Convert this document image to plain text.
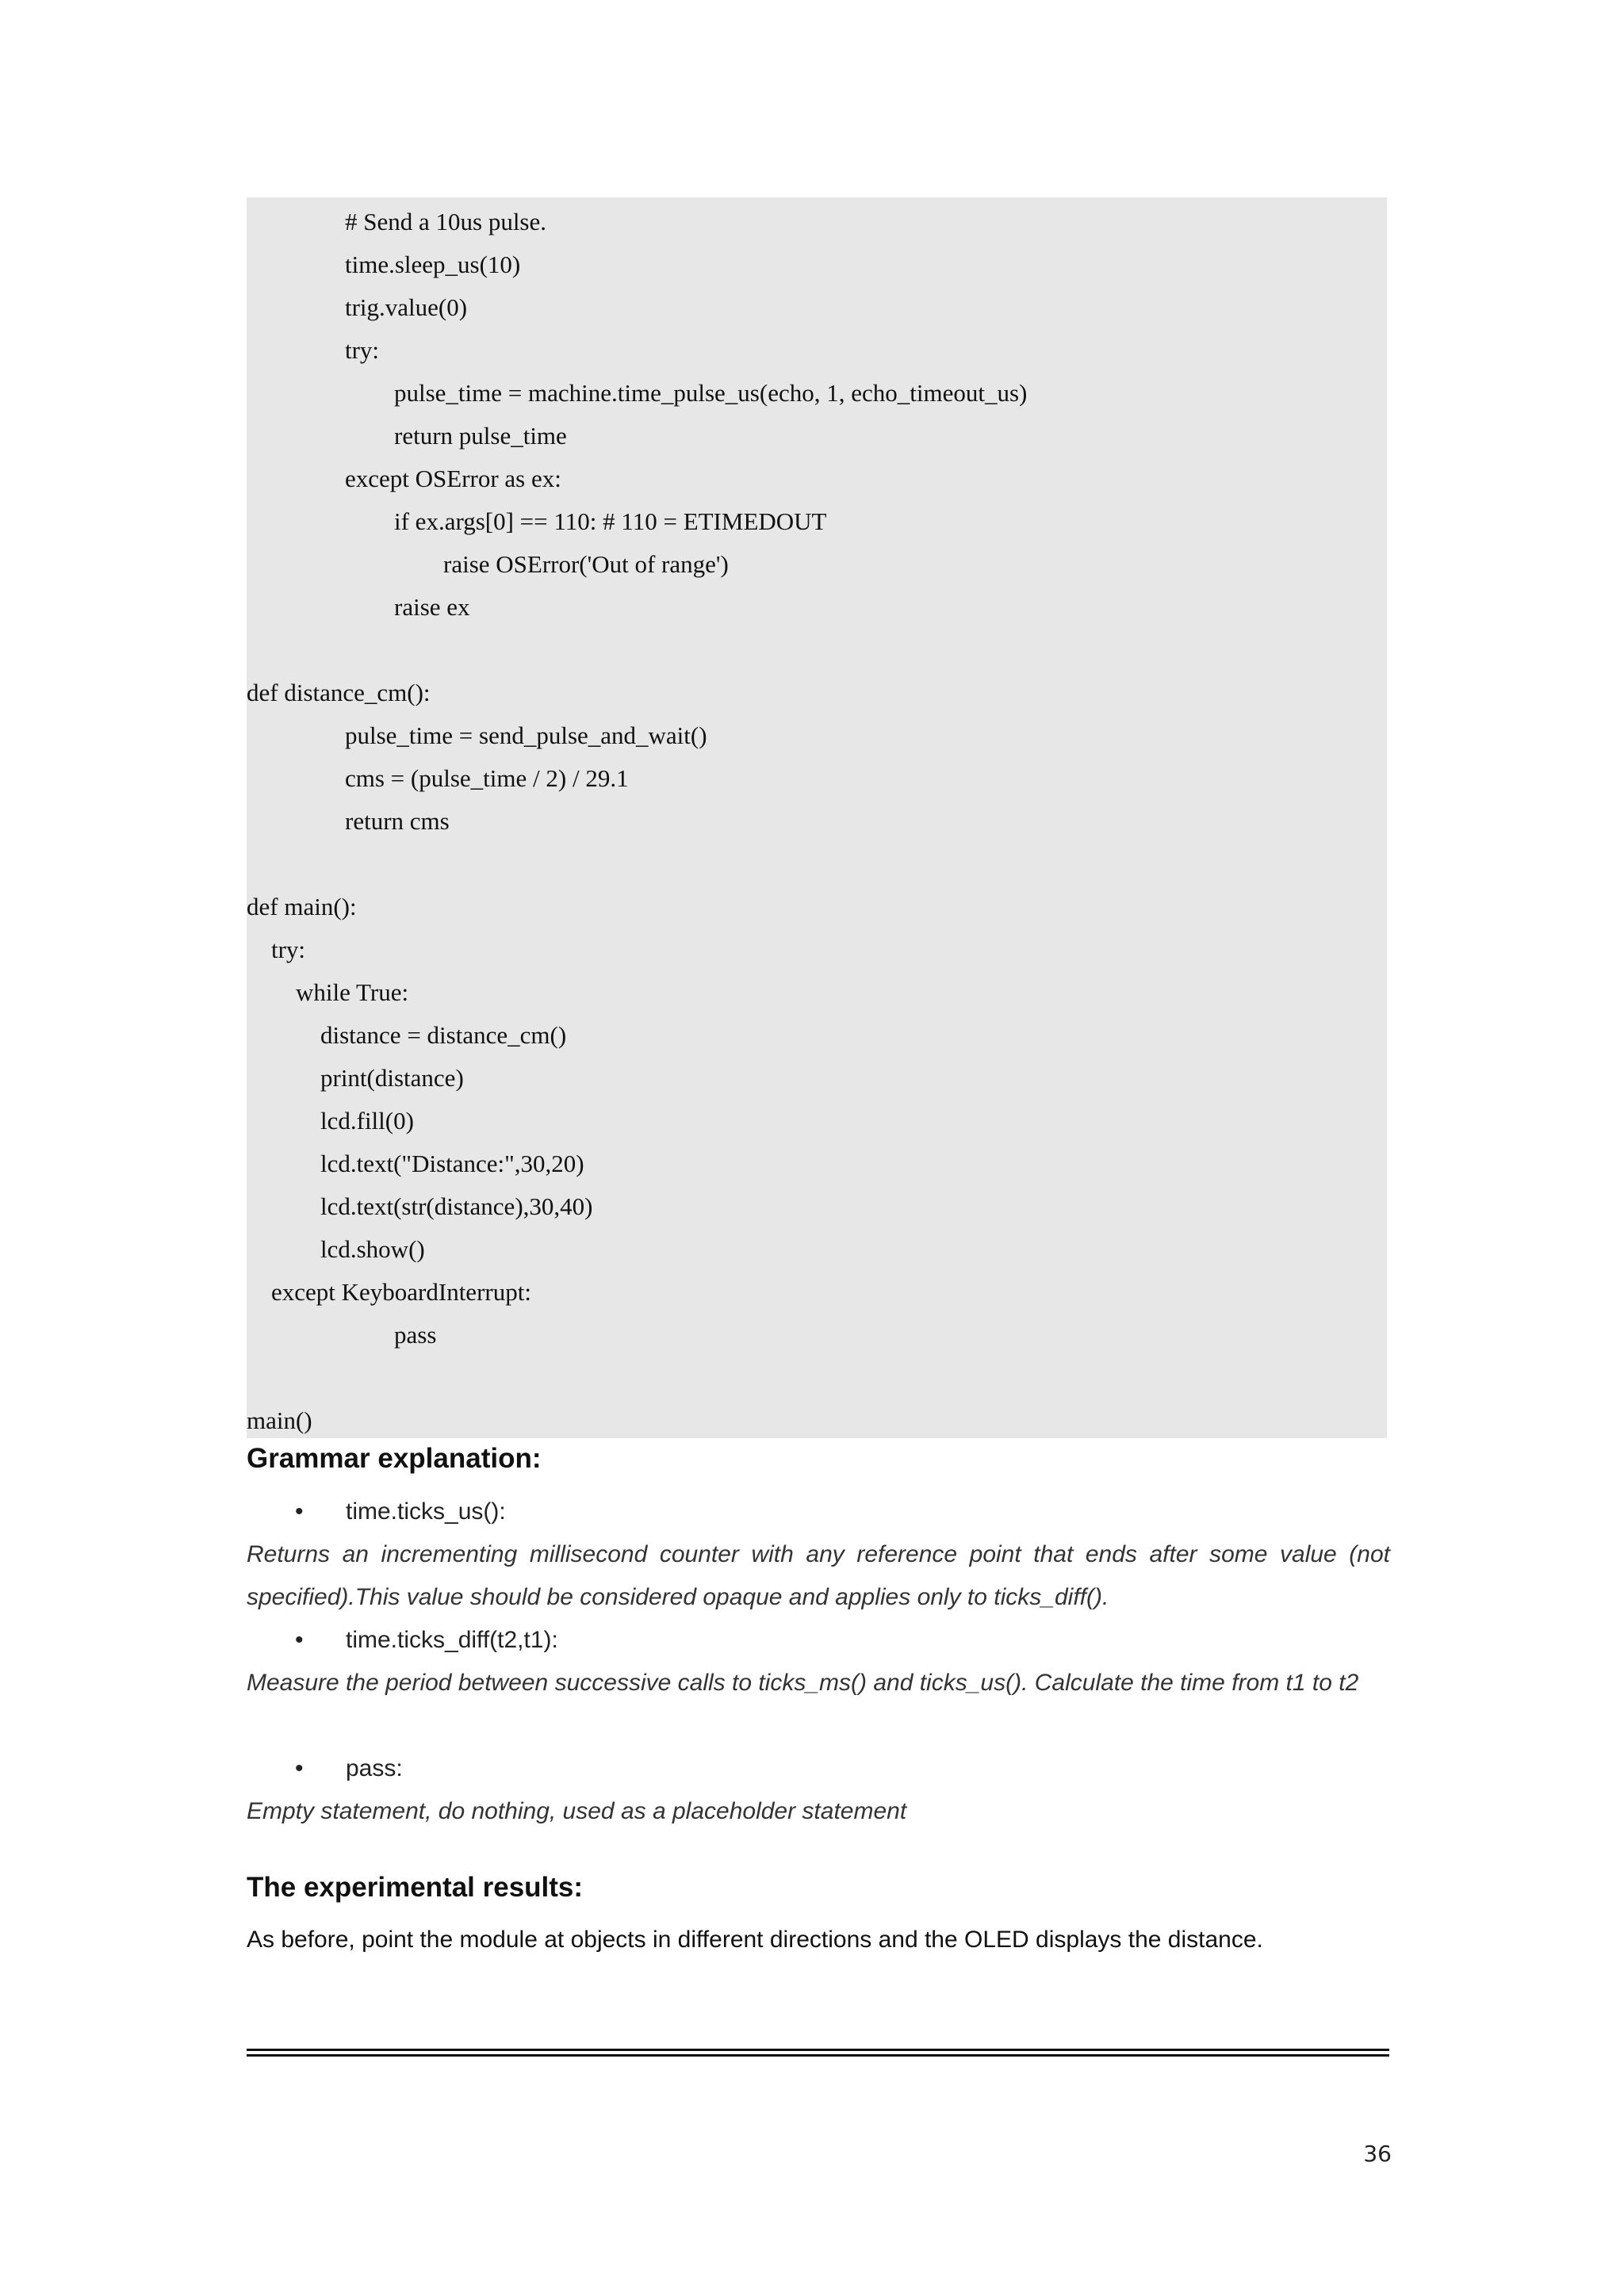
# Send a 10us pulse.
time.sleep_us(10)
trig.value(0)
try:
pulse_time = machine.time_pulse_us(echo, 1, echo_timeout_us)
return pulse_time
except OSError as ex:
if ex.args[0] == 110: # 110 = ETIMEDOUT
raise OSError('Out of range')
raise ex
def distance_cm():
pulse_time = send_pulse_and_wait()
cms = (pulse_time / 2) / 29.1
return cms
def main():
try:
while True:
distance = distance_cm()
print(distance)
lcd.fill(0)
lcd.text("Distance:",30,20)
lcd.text(str(distance),30,40)
lcd.show()
except KeyboardInterrupt:
pass
main()
Grammar explanation:
• time.ticks_us():
Returns an incrementing millisecond counter with any reference point that ends after some value (not specified).This value should be considered opaque and applies only to ticks_diff().
• time.ticks_diff(t2,t1):
Measure the period between successive calls to ticks_ms() and ticks_us(). Calculate the time from t1 to t2
• pass:
Empty statement, do nothing, used as a placeholder statement
The experimental results:
As before, point the module at objects in different directions and the OLED displays the distance.
36
